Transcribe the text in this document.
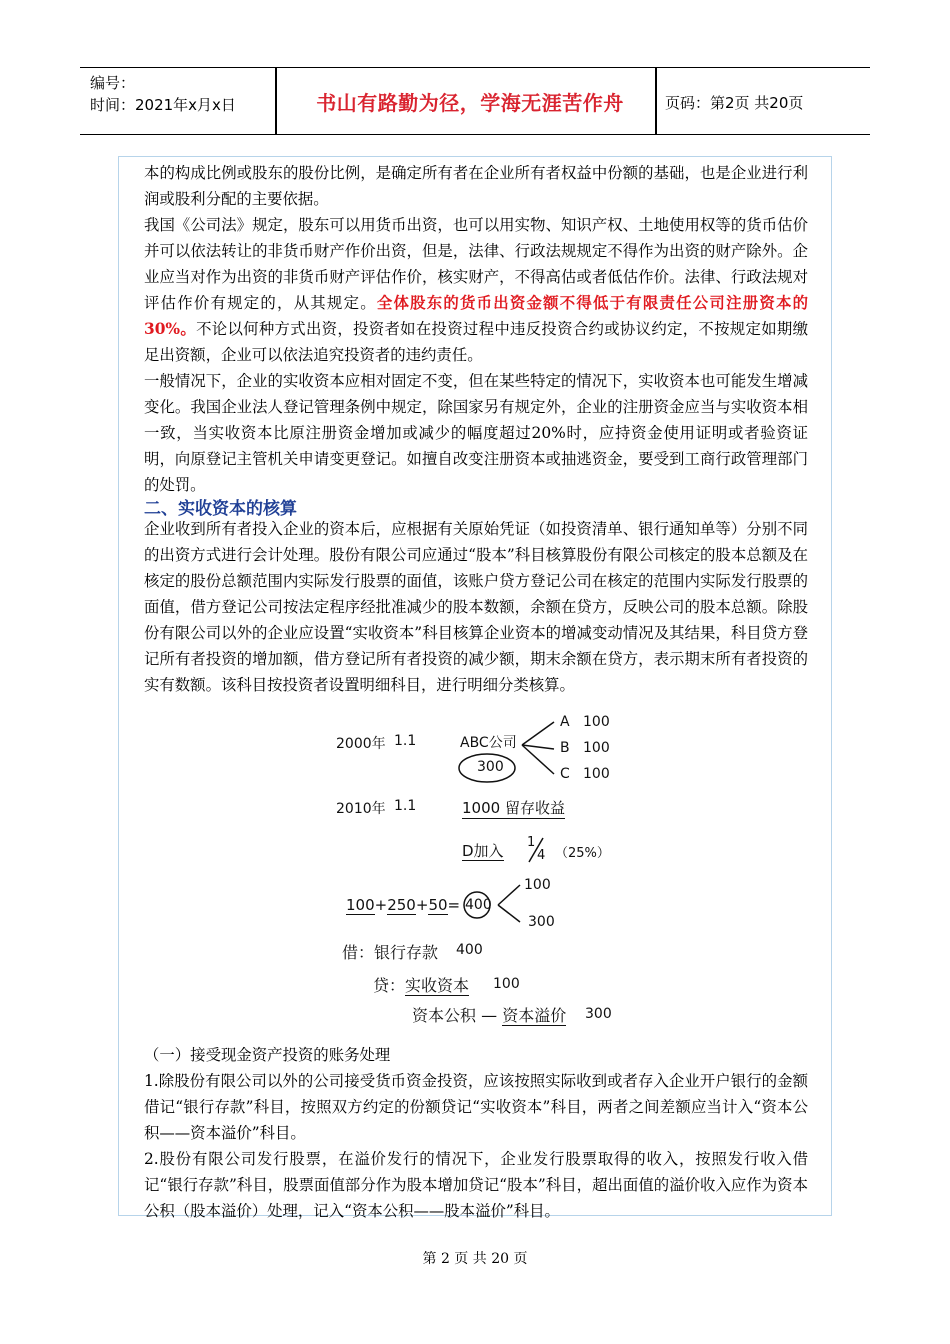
编号：
时间：2021年x月x日	书山有路勤为径，学海无涯苦作舟	页码：第2页 共20页

本的构成比例或股东的股份比例，是确定所有者在企业所有者权益中份额的基础，也是企业进行利润或股利分配的主要依据。

我国《公司法》规定，股东可以用货币出资，也可以用实物、知识产权、土地使用权等的货币估价并可以依法转让的非货币财产作价出资，但是，法律、行政法规规定不得作为出资的财产除外。企业应当对作为出资的非货币财产评估作价，核实财产，不得高估或者低估作价。法律、行政法规对评估作价有规定的，从其规定。全体股东的货币出资金额不得低于有限责任公司注册资本的30%。不论以何种方式出资，投资者如在投资过程中违反投资合约或协议约定，不按规定如期缴足出资额，企业可以依法追究投资者的违约责任。

一般情况下，企业的实收资本应相对固定不变，但在某些特定的情况下，实收资本也可能发生增减变化。我国企业法人登记管理条例中规定，除国家另有规定外，企业的注册资金应当与实收资本相一致，当实收资本比原注册资金增加或减少的幅度超过20%时，应持资金使用证明或者验资证明，向原登记主管机关申请变更登记。如擅自改变注册资本或抽逃资金，要受到工商行政管理部门的处罚。

二、实收资本的核算

企业收到所有者投入企业的资本后，应根据有关原始凭证（如投资清单、银行通知单等）分别不同的出资方式进行会计处理。股份有限公司应通过“股本”科目核算股份有限公司核定的股本总额及在核定的股份总额范围内实际发行股票的面值，该账户贷方登记公司在核定的范围内实际发行股票的面值，借方登记公司按法定程序经批准减少的股本数额，余额在贷方，反映公司的股本总额。除股份有限公司以外的企业应设置“实收资本”科目核算企业资本的增减变动情况及其结果，科目贷方登记所有者投资的增加额，借方登记所有者投资的减少额，期末余额在贷方，表示期末所有者投资的实有数额。该科目按投资者设置明细科目，进行明细分类核算。

2000年 1.1	ABC公司
300
A 100
B 100
C 100
2010年 1.1	1000 留存收益
D加入 1
4 （25%）
100+250+50= 400
100
300
借：银行存款 400
贷：实收资本 100
资本公积 — 资本溢价 300

（一）接受现金资产投资的账务处理

1.除股份有限公司以外的公司接受货币资金投资，应该按照实际收到或者存入企业开户银行的金额借记“银行存款”科目，按照双方约定的份额贷记“实收资本”科目，两者之间差额应当计入“资本公积——资本溢价”科目。

2.股份有限公司发行股票，在溢价发行的情况下，企业发行股票取得的收入，按照发行收入借记“银行存款”科目，股票面值部分作为股本增加贷记“股本”科目，超出面值的溢价收入应作为资本公积（股本溢价）处理，记入“资本公积——股本溢价”科目。

第 2 页 共 20 页
